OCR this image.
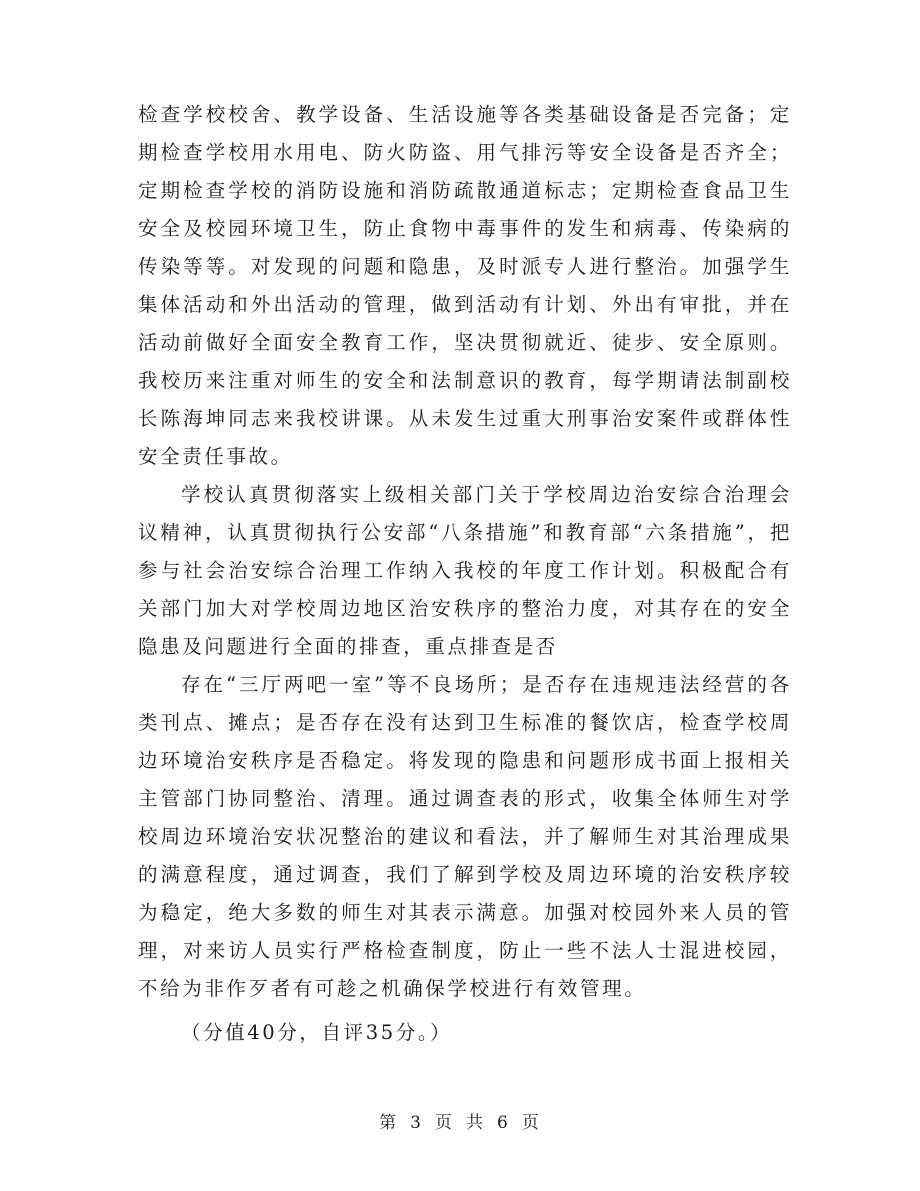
检查学校校舍、教学设备、生活设施等各类基础设备是否完备；定期检查学校用水用电、防火防盗、用气排污等安全设备是否齐全；定期检查学校的消防设施和消防疏散通道标志；定期检查食品卫生安全及校园环境卫生，防止食物中毒事件的发生和病毒、传染病的传染等等。对发现的问题和隐患，及时派专人进行整治。加强学生集体活动和外出活动的管理，做到活动有计划、外出有审批，并在活动前做好全面安全教育工作，坚决贯彻就近、徒步、安全原则。我校历来注重对师生的安全和法制意识的教育，每学期请法制副校长陈海坤同志来我校讲课。从未发生过重大刑事治安案件或群体性安全责任事故。

学校认真贯彻落实上级相关部门关于学校周边治安综合治理会议精神，认真贯彻执行公安部“八条措施”和教育部“六条措施”，把参与社会治安综合治理工作纳入我校的年度工作计划。积极配合有关部门加大对学校周边地区治安秩序的整治力度，对其存在的安全隐患及问题进行全面的排查，重点排查是否

存在“三厅两吧一室”等不良场所；是否存在违规违法经营的各类刊点、摊点；是否存在没有达到卫生标准的餐饮店，检查学校周边环境治安秩序是否稳定。将发现的隐患和问题形成书面上报相关主管部门协同整治、清理。通过调查表的形式，收集全体师生对学校周边环境治安状况整治的建议和看法，并了解师生对其治理成果的满意程度，通过调查，我们了解到学校及周边环境的治安秩序较为稳定，绝大多数的师生对其表示满意。加强对校园外来人员的管理，对来访人员实行严格检查制度，防止一些不法人士混进校园，不给为非作歹者有可趁之机确保学校进行有效管理。

（分值40分，自评35分。）

第 3 页 共 6 页
